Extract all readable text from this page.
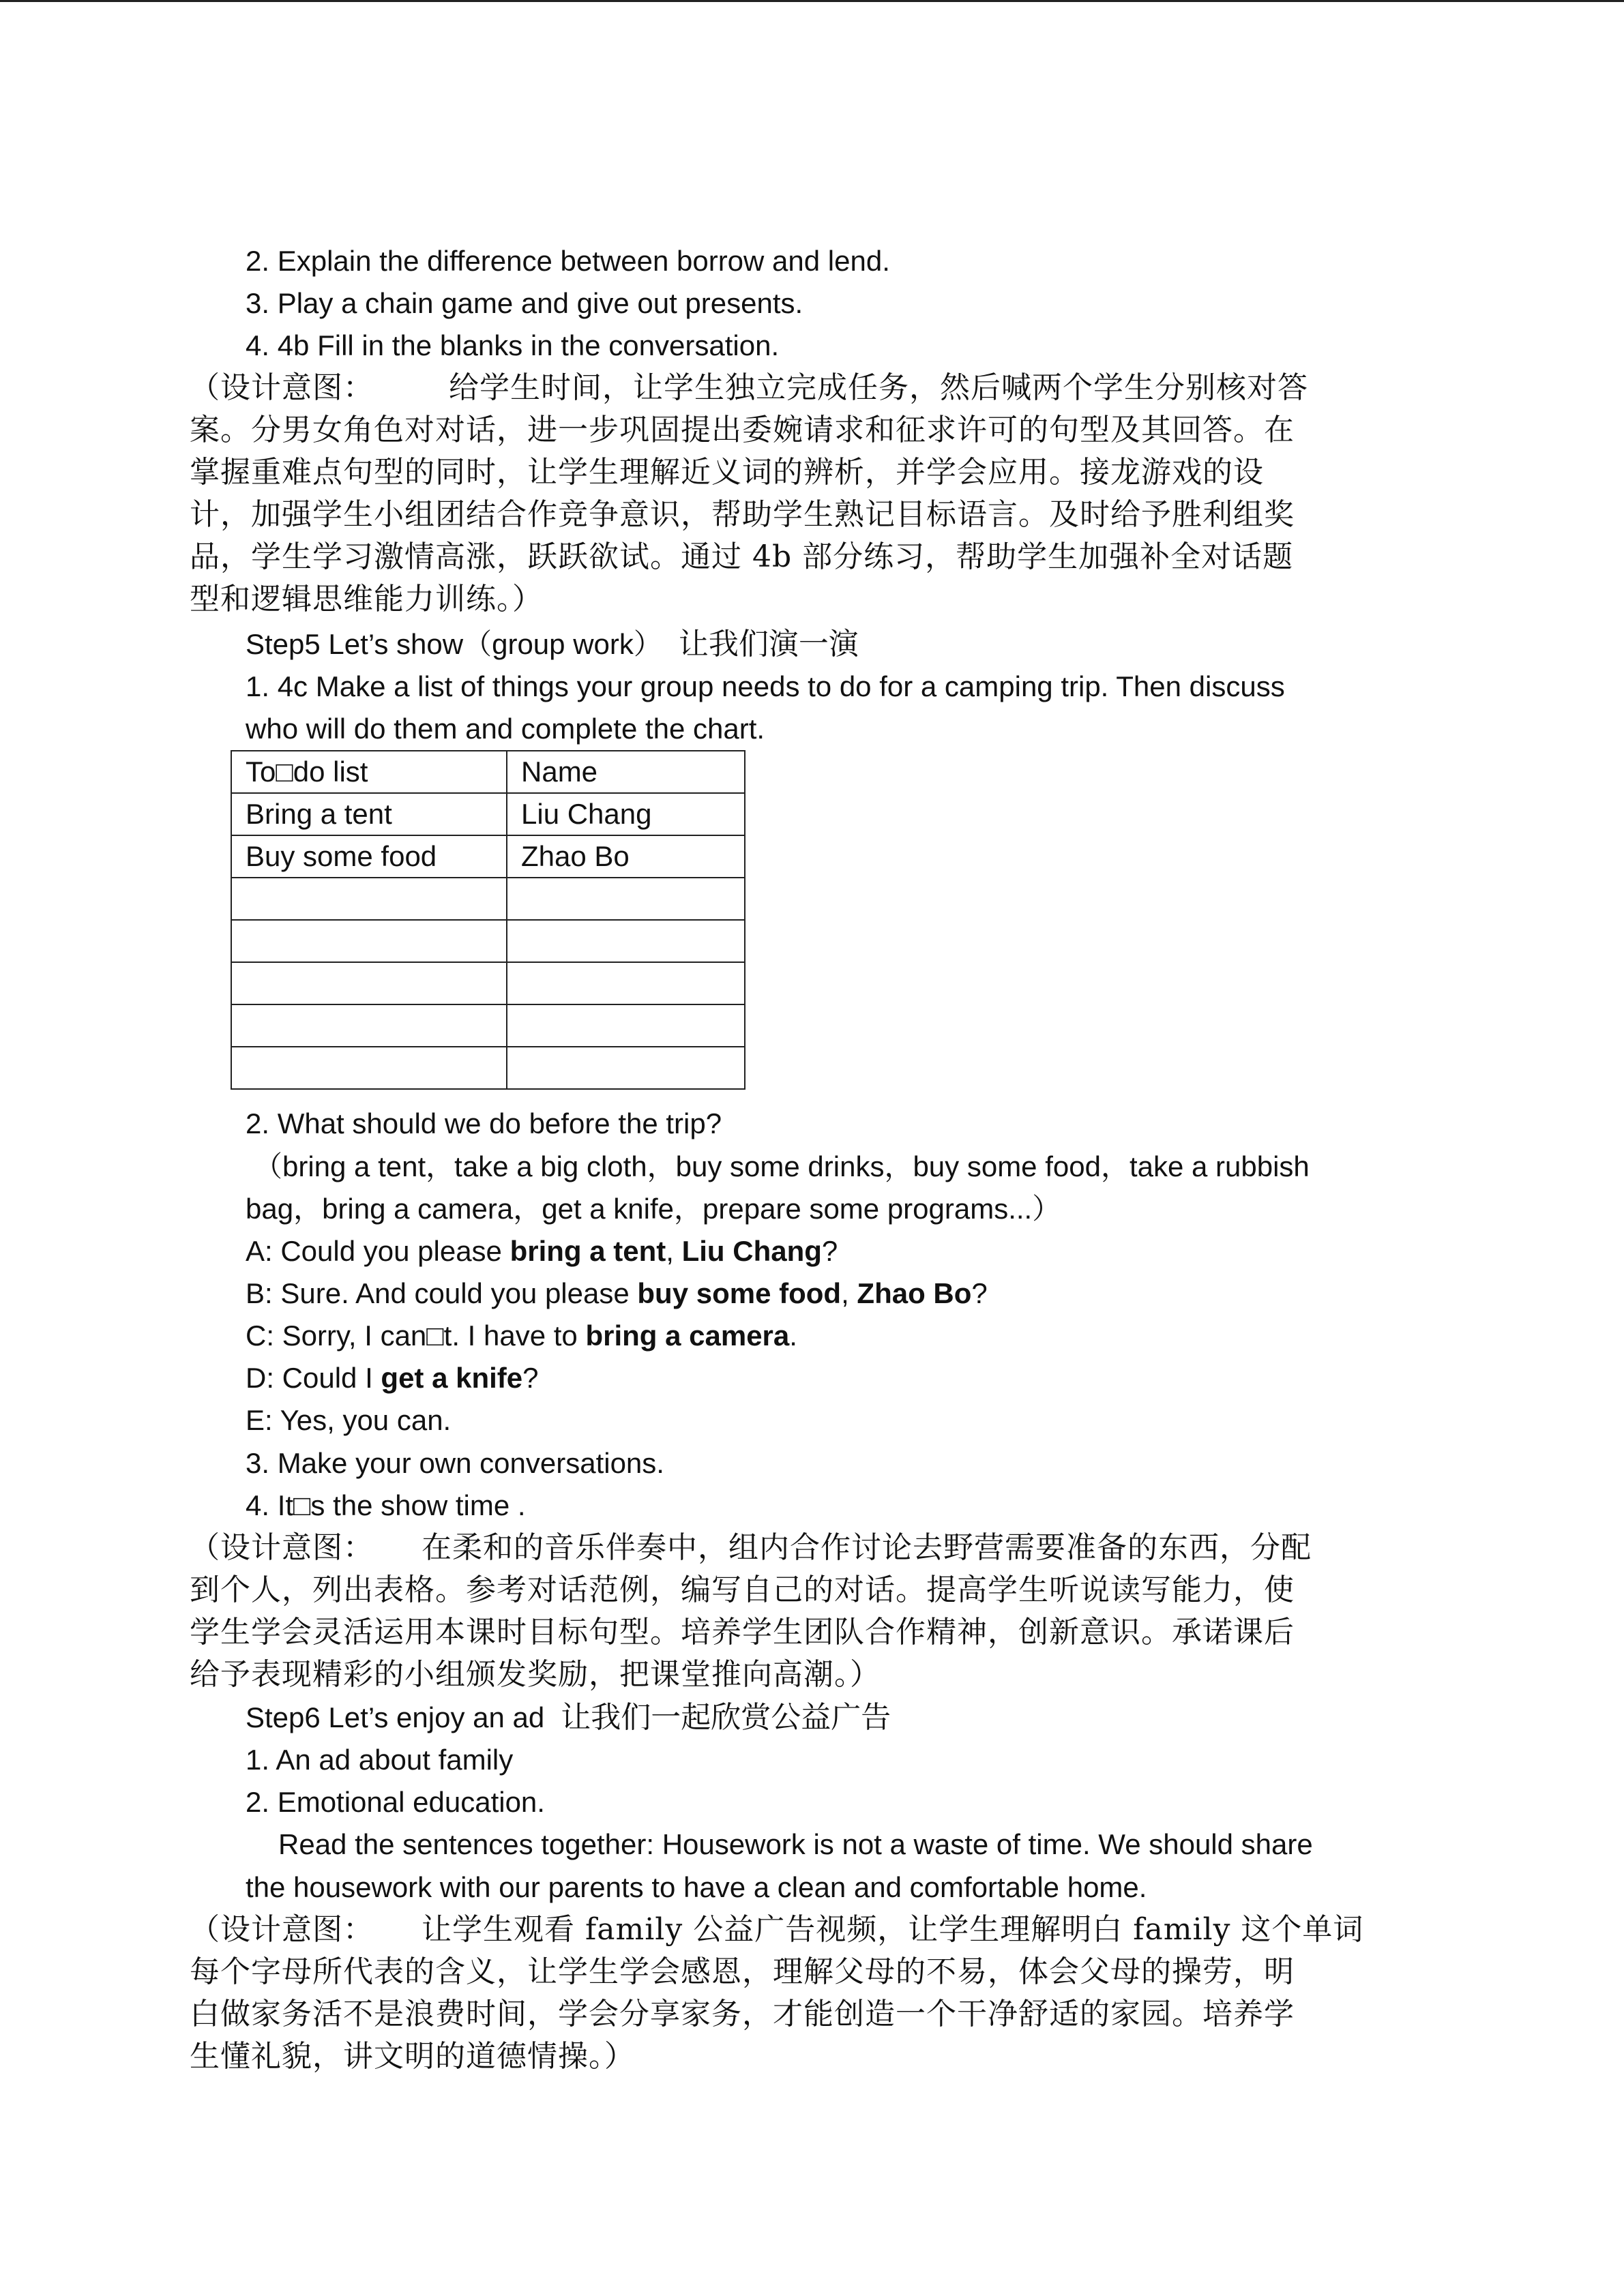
2. Explain the difference between borrow and lend.
3. Play a chain game and give out presents.
4. 4b Fill in the blanks in the conversation.
（设计意图：	给学生时间，让学生独立完成任务，然后喊两个学生分别核对答
案。分男女角色对对话，进一步巩固提出委婉请求和征求许可的句型及其回答。在
掌握重难点句型的同时，让学生理解近义词的辨析，并学会应用。接龙游戏的设
计，加强学生小组团结合作竞争意识，帮助学生熟记目标语言。及时给予胜利组奖
品，学生学习激情高涨，跃跃欲试。通过 4b 部分练习，帮助学生加强补全对话题
型和逻辑思维能力训练。）
Step5 Let’s show（group work） 让我们演一演
1. 4c Make a list of things your group needs to do for a camping trip. Then discuss
who will do them and complete the chart.
To□do list	Name
Bring a tent	Liu Chang
Buy some food	Zhao Bo

2. What should we do before the trip?
（bring a tent，take a big cloth，buy some drinks，buy some food，take a rubbish
bag，bring a camera，get a knife，prepare some programs...）
A: Could you please bring a tent, Liu Chang?
B: Sure. And could you please buy some food, Zhao Bo?
C: Sorry, I can□t. I have to bring a camera.
D: Could I get a knife?
E: Yes, you can.
3. Make your own conversations.
4. It□s the show time .
（设计意图： 在柔和的音乐伴奏中，组内合作讨论去野营需要准备的东西，分配
到个人，列出表格。参考对话范例，编写自己的对话。提高学生听说读写能力，使
学生学会灵活运用本课时目标句型。培养学生团队合作精神，创新意识。承诺课后
给予表现精彩的小组颁发奖励，把课堂推向高潮。）
Step6 Let’s enjoy an ad 让我们一起欣赏公益广告
1. An ad about family
2. Emotional education.
Read the sentences together: Housework is not a waste of time. We should share
the housework with our parents to have a clean and comfortable home.
（设计意图： 让学生观看 family 公益广告视频，让学生理解明白 family 这个单词
每个字母所代表的含义，让学生学会感恩，理解父母的不易，体会父母的操劳，明
白做家务活不是浪费时间，学会分享家务，才能创造一个干净舒适的家园。培养学
生懂礼貌，讲文明的道德情操。）
